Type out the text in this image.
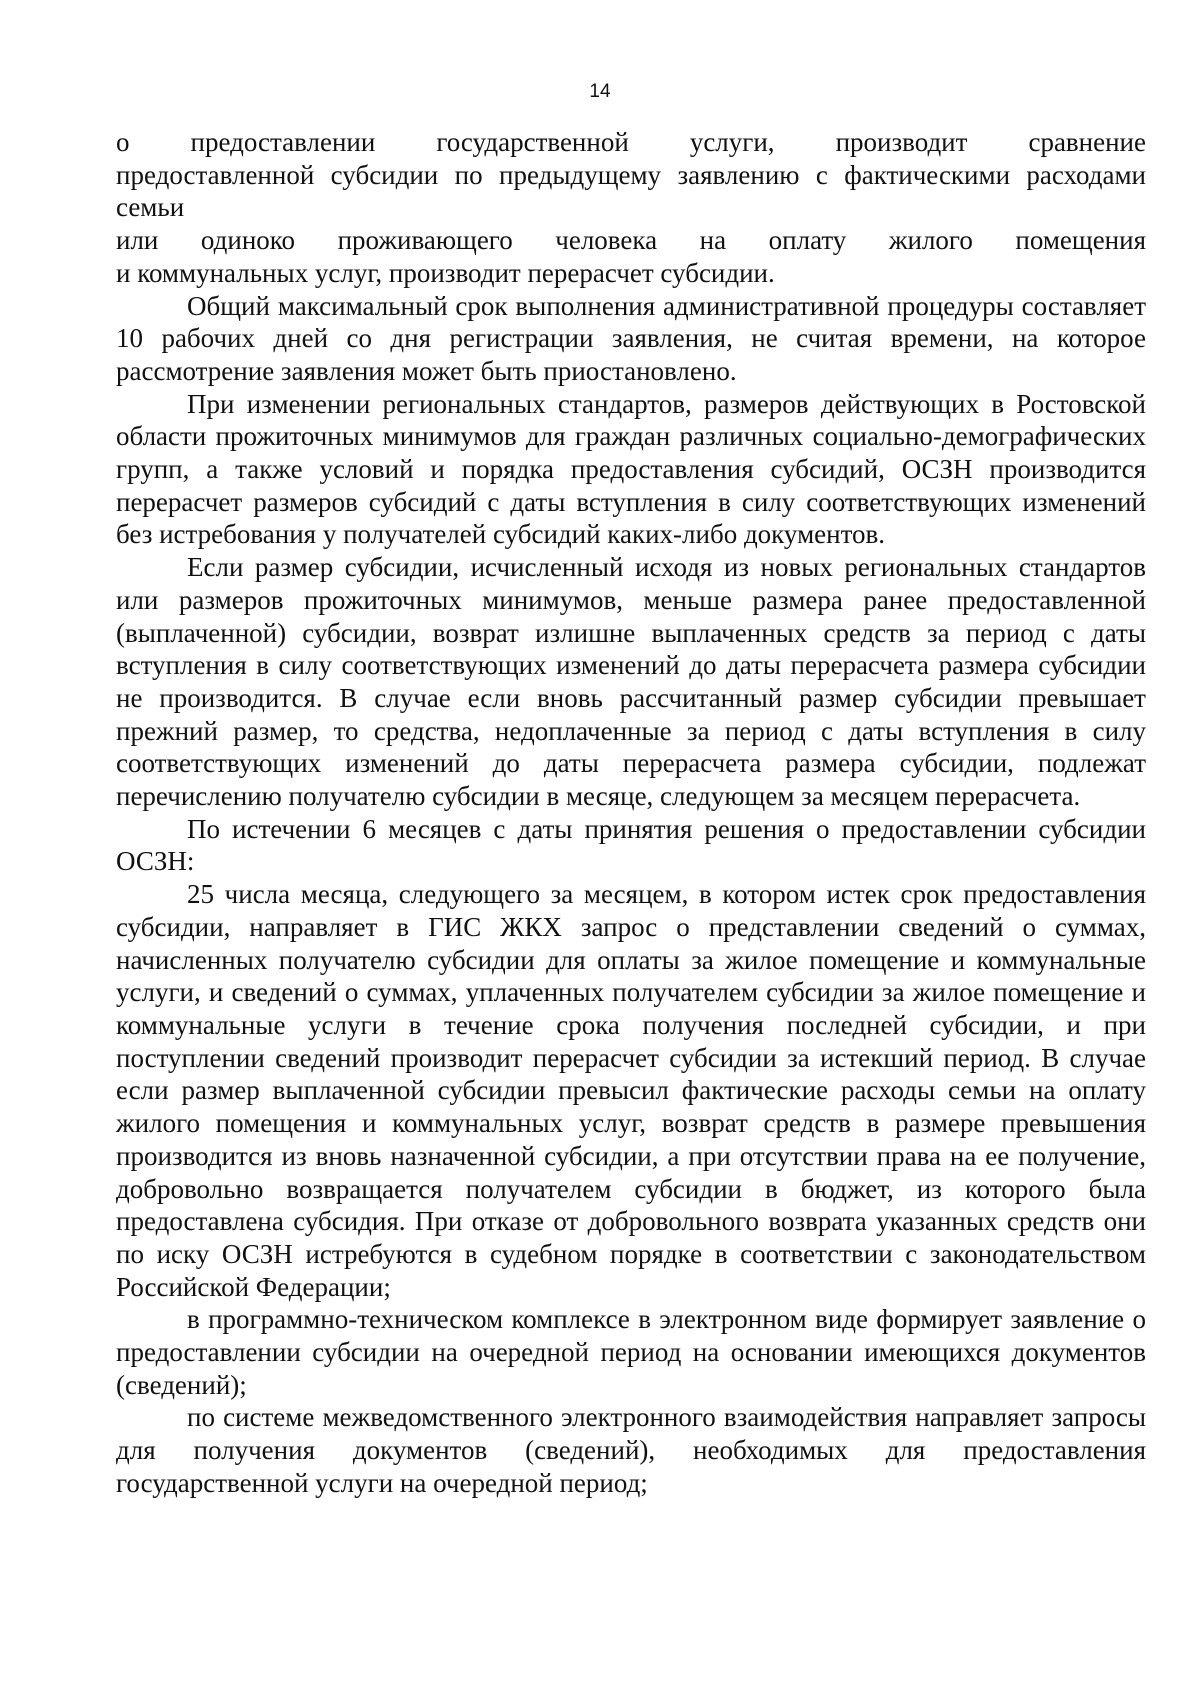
14

о предоставлении государственной услуги, производит сравнение

предоставленной субсидии по предыдущему заявлению с фактическими расходами

семьи

или одиноко проживающего человека на оплату жилого помещения

и коммунальных услуг, производит перерасчет субсидии.

Общий максимальный срок выполнения административной процедуры составляет 10 рабочих дней со дня регистрации заявления, не считая времени, на которое рассмотрение заявления может быть приостановлено.

При изменении региональных стандартов, размеров действующих в Ростовской области прожиточных минимумов для граждан различных социально-демографических групп, а также условий и порядка предоставления субсидий, ОСЗН производится перерасчет размеров субсидий с даты вступления в силу соответствующих изменений без истребования у получателей субсидий каких-либо документов.

Если размер субсидии, исчисленный исходя из новых региональных стандартов или размеров прожиточных минимумов, меньше размера ранее предоставленной (выплаченной) субсидии, возврат излишне выплаченных средств за период с даты вступления в силу соответствующих изменений до даты перерасчета размера субсидии не производится. В случае если вновь рассчитанный размер субсидии превышает прежний размер, то средства, недоплаченные за период с даты вступления в силу соответствующих изменений до даты перерасчета размера субсидии, подлежат перечислению получателю субсидии в месяце, следующем за месяцем перерасчета.

По истечении 6 месяцев с даты принятия решения о предоставлении субсидии ОСЗН:

25 числа месяца, следующего за месяцем, в котором истек срок предоставления субсидии, направляет в ГИС ЖКХ запрос о представлении сведений о суммах, начисленных получателю субсидии для оплаты за жилое помещение и коммунальные услуги, и сведений о суммах, уплаченных получателем субсидии за жилое помещение и коммунальные услуги в течение срока получения последней субсидии, и при поступлении сведений производит перерасчет субсидии за истекший период. В случае если размер выплаченной субсидии превысил фактические расходы семьи на оплату жилого помещения и коммунальных услуг, возврат средств в размере превышения производится из вновь назначенной субсидии, а при отсутствии права на ее получение, добровольно возвращается получателем субсидии в бюджет, из которого была предоставлена субсидия. При отказе от добровольного возврата указанных средств они по иску ОСЗН истребуются в судебном порядке в соответствии с законодательством Российской Федерации;

в программно-техническом комплексе в электронном виде формирует заявление о предоставлении субсидии на очередной период на основании имеющихся документов (сведений);

по системе межведомственного электронного взаимодействия направляет запросы для получения документов (сведений), необходимых для предоставления государственной услуги на очередной период;
